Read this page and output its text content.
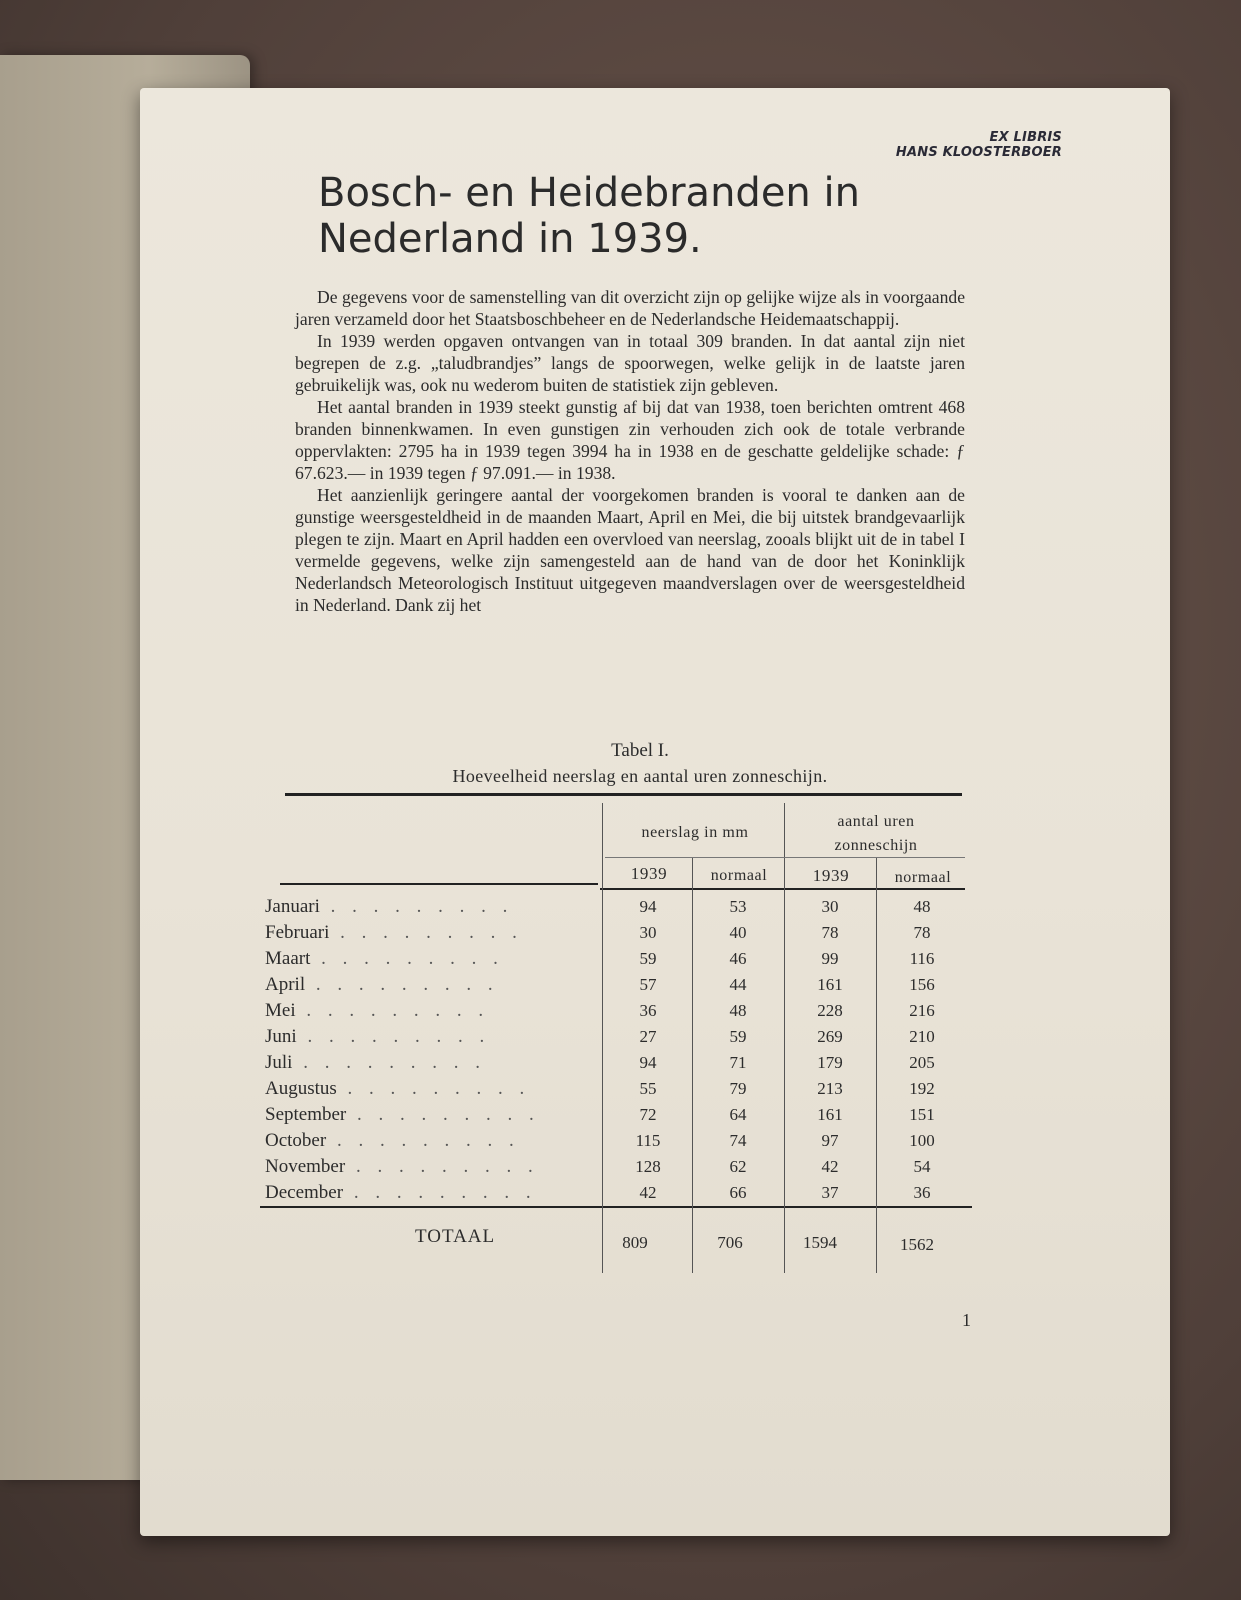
EX LIBRIS
HANS KLOOSTERBOER
Bosch- en Heidebranden in
Nederland in 1939.

De gegevens voor de samenstelling van dit overzicht zijn op gelijke wijze als in voorgaande jaren verzameld door het Staatsboschbeheer en de Nederlandsche Heidemaatschappij.

In 1939 werden opgaven ontvangen van in totaal 309 branden. In dat aantal zijn niet begrepen de z.g. „taludbrandjes” langs de spoorwegen, welke gelijk in de laatste jaren gebruikelijk was, ook nu wederom buiten de statistiek zijn gebleven.

Het aantal branden in 1939 steekt gunstig af bij dat van 1938, toen berichten omtrent 468 branden binnenkwamen. In even gunstigen zin verhouden zich ook de totale verbrande oppervlakten: 2795 ha in 1939 tegen 3994 ha in 1938 en de geschatte geldelijke schade: ƒ 67.623.— in 1939 tegen ƒ 97.091.— in 1938.

Het aanzienlijk geringere aantal der voorgekomen branden is vooral te danken aan de gunstige weersgesteldheid in de maanden Maart, April en Mei, die bij uitstek brandgevaarlijk plegen te zijn. Maart en April hadden een overvloed van neerslag, zooals blijkt uit de in tabel I vermelde gegevens, welke zijn samengesteld aan de hand van de door het Koninklijk Nederlandsch Meteorologisch Instituut uitgegeven maandverslagen over de weersgesteldheid in Nederland. Dank zij het

Tabel I.
Hoeveelheid neerslag en aantal uren zonneschijn.
neerslag in mm
aantal uren
zonneschijn
1939	normaal	1939	normaal
Januari . . . . . . . . .	94	53	30	48
Februari . . . . . . . . .	30	40	78	78
Maart . . . . . . . . .	59	46	99	116
April . . . . . . . . .	57	44	161	156
Mei . . . . . . . . .	36	48	228	216
Juni . . . . . . . . .	27	59	269	210
Juli . . . . . . . . .	94	71	179	205
Augustus . . . . . . . . .	55	79	213	192
September . . . . . . . . .	72	64	161	151
October . . . . . . . . .	115	74	97	100
November . . . . . . . . .	128	62	42	54
December . . . . . . . . .	42	66	37	36
TOTAAL	809	706	1594	1562
1
